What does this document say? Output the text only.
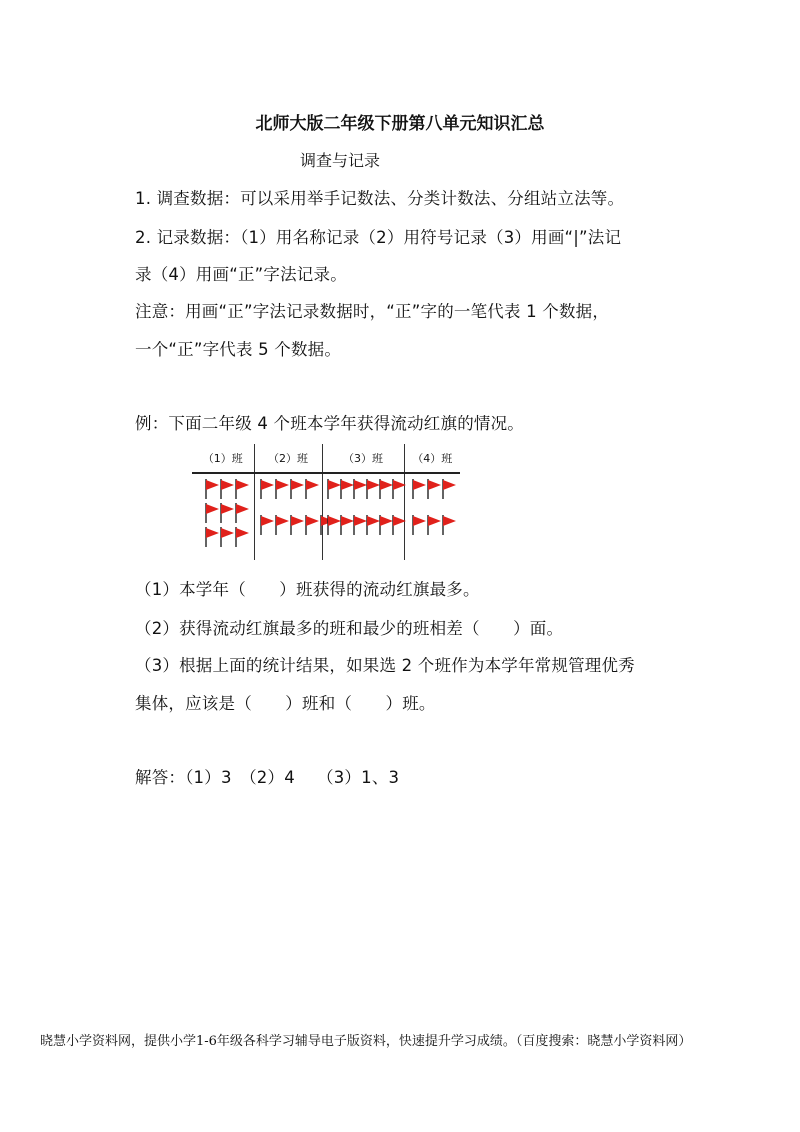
北师大版二年级下册第八单元知识汇总
调查与记录
1. 调查数据：可以采用举手记数法、分类计数法、分组站立法等。
2. 记录数据：（1）用名称记录（2）用符号记录（3）用画“|”法记
录（4）用画“正”字法记录。
注意：用画“正”字法记录数据时，“正”字的一笔代表 1 个数据，
一个“正”字代表 5 个数据。
例：下面二年级 4 个班本学年获得流动红旗的情况。
（1）班	（2）班	（3）班	（4）班

（1）本学年（　　）班获得的流动红旗最多。
（2）获得流动红旗最多的班和最少的班相差（　　）面。
（3）根据上面的统计结果，如果选 2 个班作为本学年常规管理优秀
集体，应该是（　　）班和（　　）班。
解答：（1）3　（2）4　 （3）1、3
晓慧小学资料网，提供小学1-6年级各科学习辅导电子版资料，快速提升学习成绩。（百度搜索：晓慧小学资料网）
